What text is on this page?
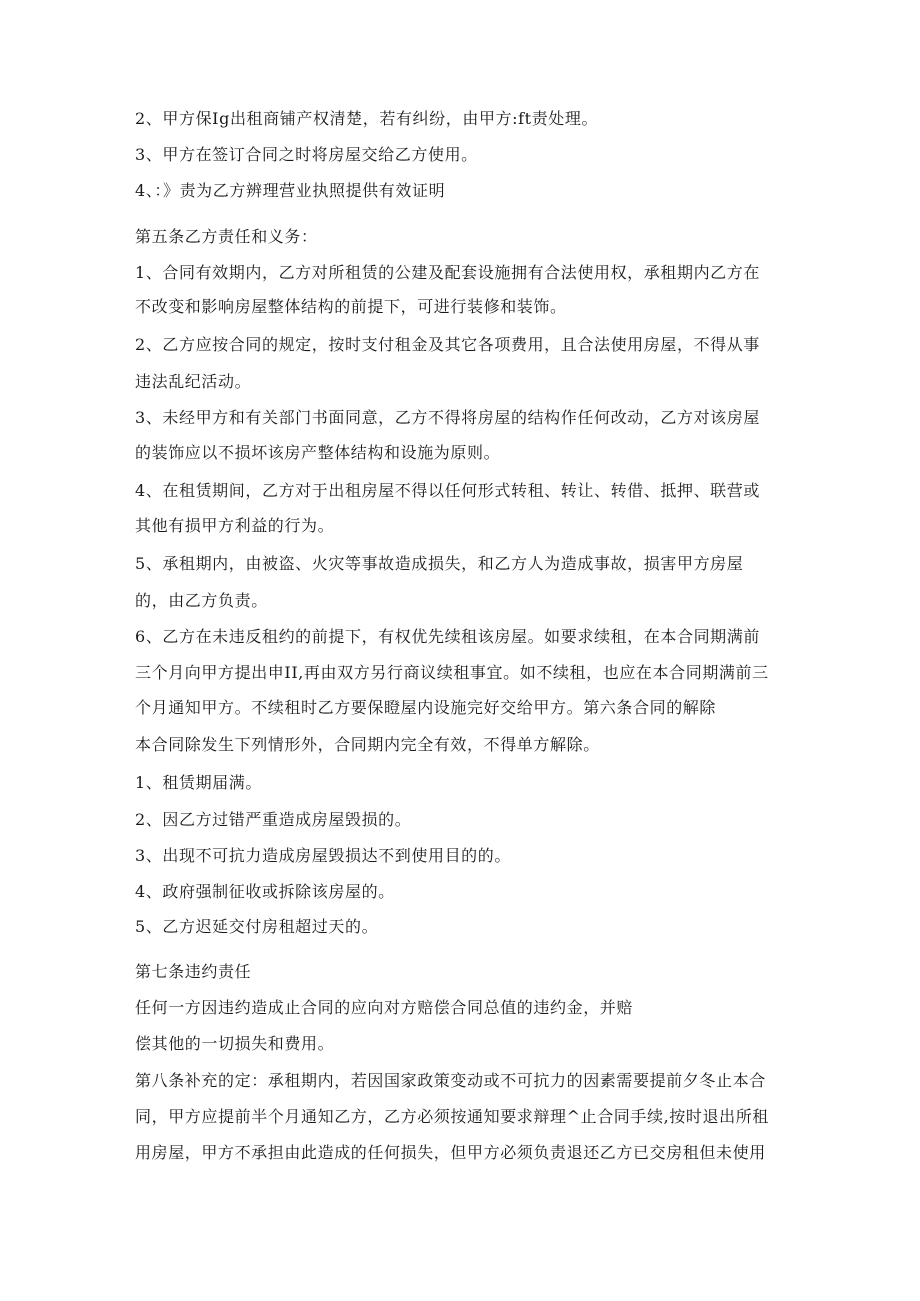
2、甲方保Ig出租商铺产权清楚，若有纠纷，由甲方:ft责处理。
3、甲方在签订合同之时将房屋交给乙方使用。
4、：》责为乙方辨理营业执照提供有效证明
第五条乙方责任和义务：
1、合同有效期内，乙方对所租赁的公建及配套设施拥有合法使用权，承租期内乙方在
不改变和影响房屋整体结构的前提下，可进行装修和装饰。
2、乙方应按合同的规定，按时支付租金及其它各项费用，且合法使用房屋，不得从事
违法乱纪活动。
3、未经甲方和有关部门书面同意，乙方不得将房屋的结构作任何改动，乙方对该房屋
的装饰应以不损坏该房产整体结构和设施为原则。
4、在租赁期间，乙方对于出租房屋不得以任何形式转租、转让、转借、抵押、联营或
其他有损甲方利益的行为。
5、承租期内，由被盗、火灾等事故造成损失，和乙方人为造成事故，损害甲方房屋
的，由乙方负责。
6、乙方在未违反租约的前提下，有权优先续租该房屋。如要求续租，在本合同期满前
三个月向甲方提出申II,再由双方另行商议续租事宜。如不续租，也应在本合同期满前三
个月通知甲方。不续租时乙方要保瞪屋内设施完好交给甲方。第六条合同的解除
本合同除发生下列情形外，合同期内完全有效，不得单方解除。
1、租赁期届满。
2、因乙方过错严重造成房屋毁损的。
3、出现不可抗力造成房屋毁损达不到使用目的的。
4、政府强制征收或拆除该房屋的。
5、乙方迟延交付房租超过天的。
第七条违约责任
任何一方因违约造成止合同的应向对方赔偿合同总值的违约金，并赔
偿其他的一切损失和费用。
第八条补充的定：承租期内，若因国家政策变动或不可抗力的因素需要提前夕冬止本合
同，甲方应提前半个月通知乙方，乙方必须按通知要求辩理^止合同手续,按时退出所租
用房屋，甲方不承担由此造成的任何损失，但甲方必须负责退还乙方已交房租但未使用
